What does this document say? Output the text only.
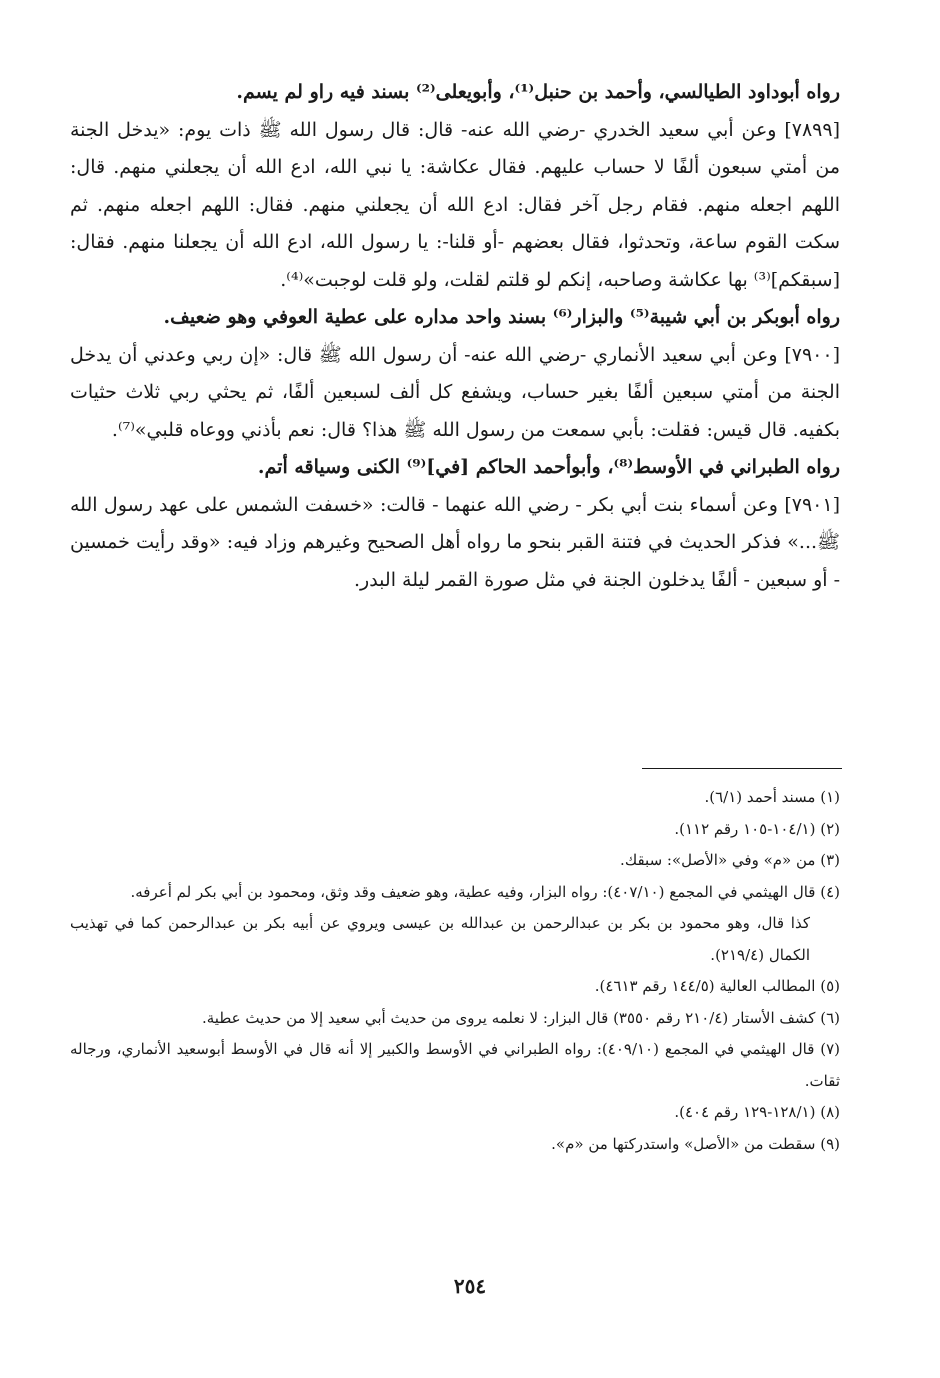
رواه أبوداود الطيالسي، وأحمد بن حنبل⁽¹⁾، وأبويعلى⁽²⁾ بسند فيه راو لم يسم.

[٧٨٩٩] وعن أبي سعيد الخدري -رضي الله عنه- قال: قال رسول الله ﷺ ذات يوم: «يدخل الجنة من أمتي سبعون ألفًا لا حساب عليهم. فقال عكاشة: يا نبي الله، ادع الله أن يجعلني منهم. قال: اللهم اجعله منهم. فقام رجل آخر فقال: ادع الله أن يجعلني منهم. فقال: اللهم اجعله منهم. ثم سكت القوم ساعة، وتحدثوا، فقال بعضهم -أو قلنا-: يا رسول الله، ادع الله أن يجعلنا منهم. فقال: [سبقكم]⁽³⁾ بها عكاشة وصاحبه، إنكم لو قلتم لقلت، ولو قلت لوجبت»⁽⁴⁾.

رواه أبوبكر بن أبي شيبة⁽⁵⁾ والبزار⁽⁶⁾ بسند واحد مداره على عطية العوفي وهو ضعيف.

[٧٩٠٠] وعن أبي سعيد الأنماري -رضي الله عنه- أن رسول الله ﷺ قال: «إن ربي وعدني أن يدخل الجنة من أمتي سبعين ألفًا بغير حساب، ويشفع كل ألف لسبعين ألفًا، ثم يحثي ربي ثلاث حثيات بكفيه. قال قيس: فقلت: بأبي سمعت من رسول الله ﷺ هذا؟ قال: نعم بأذني ووعاه قلبي»⁽⁷⁾.

رواه الطبراني في الأوسط⁽⁸⁾، وأبوأحمد الحاكم [في]⁽⁹⁾ الكنى وسياقه أتم.

[٧٩٠١] وعن أسماء بنت أبي بكر - رضي الله عنهما - قالت: «خسفت الشمس على عهد رسول الله ﷺ...» فذكر الحديث في فتنة القبر بنحو ما رواه أهل الصحيح وغيرهم وزاد فيه: «وقد رأيت خمسين - أو سبعين - ألفًا يدخلون الجنة في مثل صورة القمر ليلة البدر.

(١) مسند أحمد (٦/١).

(٢) (١٠٤/١-١٠٥ رقم ١١٢).

(٣) من «م» وفي «الأصل»: سبقك.

(٤) قال الهيثمي في المجمع (٤٠٧/١٠): رواه البزار، وفيه عطية، وهو ضعيف وقد وثق، ومحمود بن أبي بكر لم أعرفه.

كذا قال، وهو محمود بن بكر بن عبدالرحمن بن عبدالله بن عيسى ويروي عن أبيه بكر بن عبدالرحمن كما في تهذيب الكمال (٢١٩/٤).

(٥) المطالب العالية (١٤٤/٥ رقم ٤٦١٣).

(٦) كشف الأستار (٢١٠/٤ رقم ٣٥٥٠) قال البزار: لا نعلمه يروى من حديث أبي سعيد إلا من حديث عطية.

(٧) قال الهيثمي في المجمع (٤٠٩/١٠): رواه الطبراني في الأوسط والكبير إلا أنه قال في الأوسط أبوسعيد الأنماري، ورجاله ثقات.

(٨) (١٢٨/١-١٢٩ رقم ٤٠٤).

(٩) سقطت من «الأصل» واستدركتها من «م».

٢٥٤
